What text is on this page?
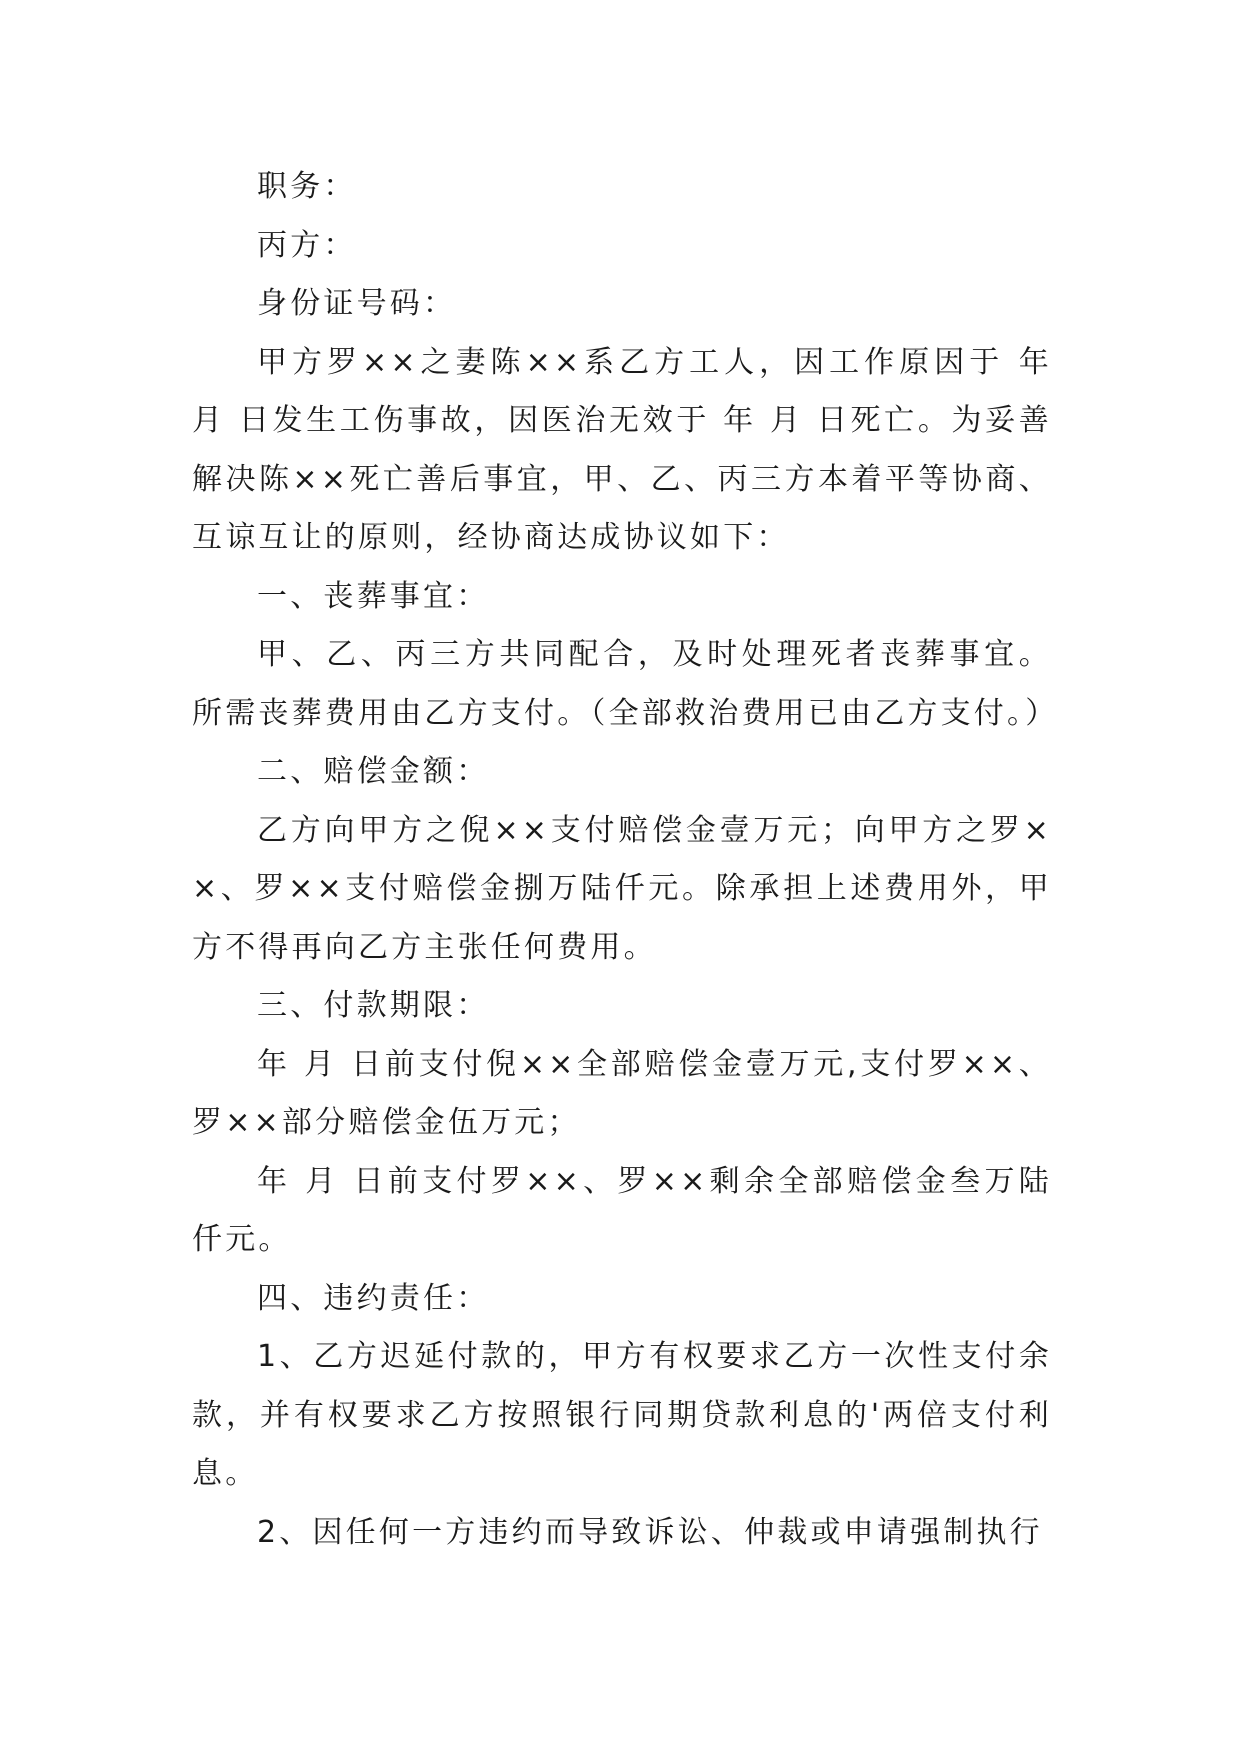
职务：

丙方：

身份证号码：

甲方罗××之妻陈××系乙方工人，因工作原因于 年 月 日发生工伤事故，因医治无效于 年 月 日死亡。为妥善解决陈××死亡善后事宜，甲、乙、丙三方本着平等协商、互谅互让的原则，经协商达成协议如下：

一、丧葬事宜：

甲、乙、丙三方共同配合，及时处理死者丧葬事宜。所需丧葬费用由乙方支付。（全部救治费用已由乙方支付。）

二、赔偿金额：

乙方向甲方之倪××支付赔偿金壹万元；向甲方之罗××、罗××支付赔偿金捌万陆仟元。除承担上述费用外，甲方不得再向乙方主张任何费用。

三、付款期限：

年 月 日前支付倪××全部赔偿金壹万元,支付罗××、罗××部分赔偿金伍万元；

年 月 日前支付罗××、罗××剩余全部赔偿金叁万陆仟元。

四、违约责任：

1、乙方迟延付款的，甲方有权要求乙方一次性支付余款，并有权要求乙方按照银行同期贷款利息的'两倍支付利息。

2、因任何一方违约而导致诉讼、仲裁或申请强制执行
